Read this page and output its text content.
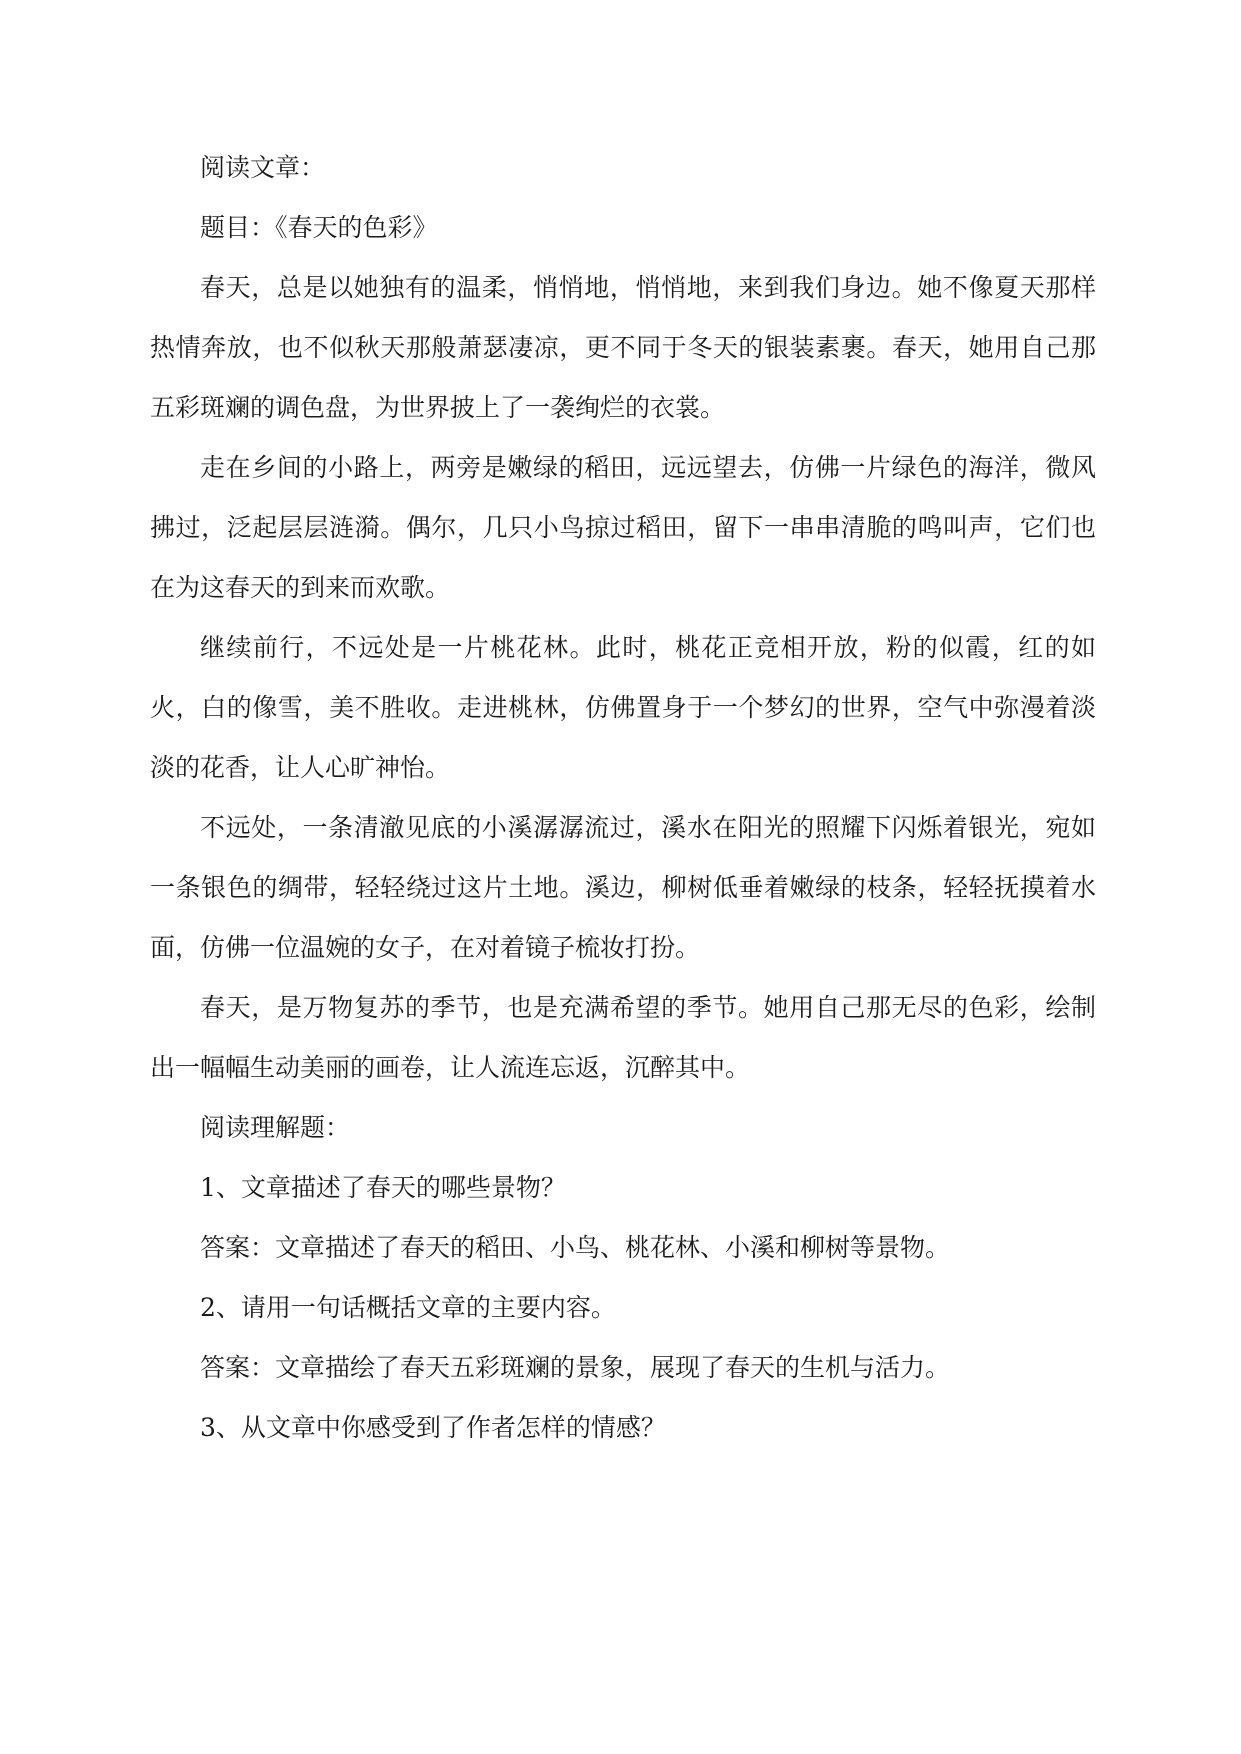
阅读文章：

题目：《春天的色彩》

春天，总是以她独有的温柔，悄悄地，悄悄地，来到我们身边。她不像夏天那样热情奔放，也不似秋天那般萧瑟凄凉，更不同于冬天的银装素裹。春天，她用自己那五彩斑斓的调色盘，为世界披上了一袭绚烂的衣裳。

走在乡间的小路上，两旁是嫩绿的稻田，远远望去，仿佛一片绿色的海洋，微风拂过，泛起层层涟漪。偶尔，几只小鸟掠过稻田，留下一串串清脆的鸣叫声，它们也在为这春天的到来而欢歌。

继续前行，不远处是一片桃花林。此时，桃花正竞相开放，粉的似霞，红的如火，白的像雪，美不胜收。走进桃林，仿佛置身于一个梦幻的世界，空气中弥漫着淡淡的花香，让人心旷神怡。

不远处，一条清澈见底的小溪潺潺流过，溪水在阳光的照耀下闪烁着银光，宛如一条银色的绸带，轻轻绕过这片土地。溪边，柳树低垂着嫩绿的枝条，轻轻抚摸着水面，仿佛一位温婉的女子，在对着镜子梳妆打扮。

春天，是万物复苏的季节，也是充满希望的季节。她用自己那无尽的色彩，绘制出一幅幅生动美丽的画卷，让人流连忘返，沉醉其中。

阅读理解题：

1、文章描述了春天的哪些景物？

答案：文章描述了春天的稻田、小鸟、桃花林、小溪和柳树等景物。

2、请用一句话概括文章的主要内容。

答案：文章描绘了春天五彩斑斓的景象，展现了春天的生机与活力。

3、从文章中你感受到了作者怎样的情感？
